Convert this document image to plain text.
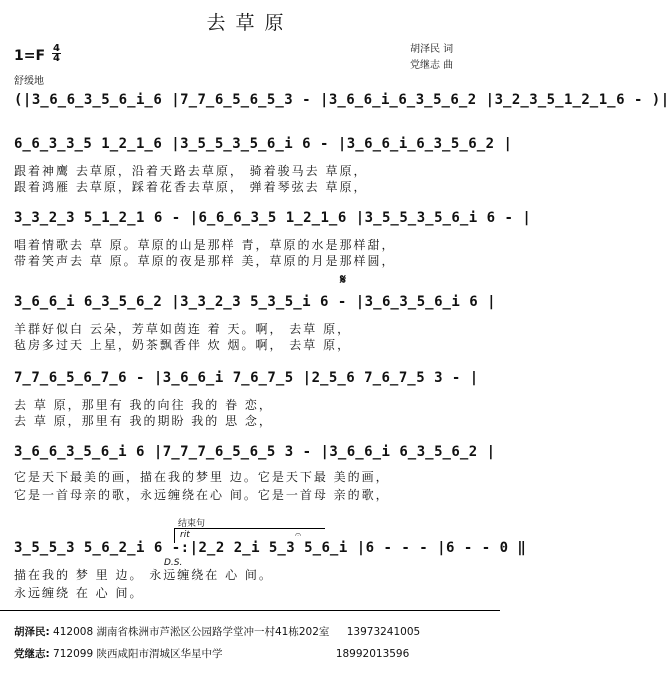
去草原
1=F 4
4
舒缓地
胡泽民 词
党继志 曲
(|3̲6̲6̲3̲5̲6̲i̲6 |7̲7̲6̲5̲6̲5̲3 - |3̲6̲6̲i̲6̲3̲5̲6̲2 |3̲2̲3̲5̲1̲2̲1̲6 - )|
6̲6̲3̲3̲5 1̲2̲1̲6 |3̲5̲5̲3̲5̲6̲i 6 - |3̲6̲6̲i̲6̲3̲5̲6̲2 |
跟着神鹰 去草原，沿着天路去草原， 骑着骏马去 草原，
跟着鸿雁 去草原，踩着花香去草原， 弹着琴弦去 草原，
3̲3̲2̲3 5̲1̲2̲1 6 - |6̲6̲6̲3̲5 1̲2̲1̲6 |3̲5̲5̲3̲5̲6̲i 6 - |
唱着情歌去 草 原。草原的山是那样 青，草原的水是那样甜，
带着笑声去 草 原。草原的夜是那样 美，草原的月是那样圆，
𝄋
3̲6̲6̲i 6̲3̲5̲6̲2 |3̲3̲2̲3 5̲3̲5̲i 6 - |3̲6̲3̲5̲6̲i 6 |
羊群好似白 云朵，芳草如茵连 着 天。啊， 去草 原，
毡房多过天 上星，奶茶飘香伴 炊 烟。啊， 去草 原，
7̲7̲6̲5̲6̲7̲6 - |3̲6̲6̲i 7̲6̲7̲5 |2̲5̲6 7̲6̲7̲5 3 - |
去 草 原，那里有 我的向往 我的 眷 恋，
去 草 原，那里有 我的期盼 我的 思 念，
3̲6̲6̲3̲5̲6̲i 6 |7̲7̲7̲6̲5̲6̲5 3 - |3̲6̲6̲i 6̲3̲5̲6̲2 |
它是天下最美的画，描在我的梦里 边。它是天下最 美的画，
它是一首母亲的歌，永远缠绕在心 间。它是一首母 亲的歌，
结束句
rit	𝄐
3̲5̲5̲3 5̲6̲2̲i 6 -:|2̲2 2̲i 5̲3 5̲6̲i |6 - - - |6 - - 0 ‖
D.S.
描在我的 梦 里 边。 永远缠绕在 心 间。
永远缠绕 在 心 间。
胡泽民: 412008 湖南省株洲市芦淞区公园路学堂冲一村41栋202室 13973241005
党继志: 712099 陕西咸阳市渭城区华星中学	18992013596
